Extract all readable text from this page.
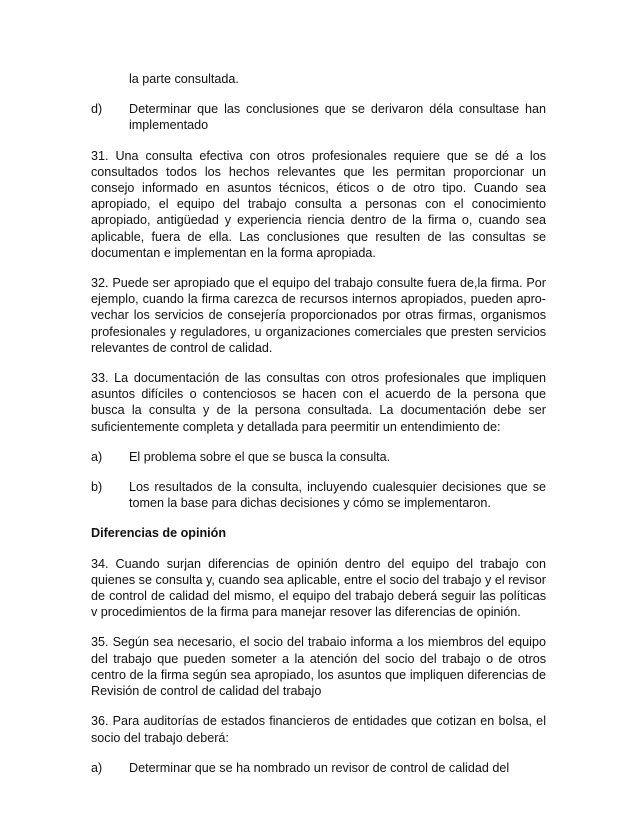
la parte consultada.
d)	Determinar que las conclusiones que se derivaron déla consultase han implementado
31. Una consulta efectiva con otros profesionales requiere que se dé a los consultados todos los hechos relevantes que les permitan proporcionar un consejo informado en asuntos técnicos, éticos o de otro tipo. Cuando sea apropiado, el equipo del trabajo consulta a personas con el conocimiento apropiado, antigüedad y experiencia riencia dentro de la firma o, cuando sea aplicable, fuera de ella. Las conclusiones que resulten de las consultas se documentan e implementan en la forma apropiada.
32. Puede ser apropiado que el equipo del trabajo consulte fuera de,la firma. Por ejemplo, cuando la firma carezca de recursos internos apropiados, pueden apro- vechar los servicios de consejería proporcionados por otras firmas, organismos profesionales y reguladores, u organizaciones comerciales que presten servicios relevantes de control de calidad.
33. La documentación de las consultas con otros profesionales que impliquen asuntos difíciles o contenciosos se hacen con el acuerdo de la persona que busca la consulta y de la persona consultada. La documentación debe ser suficientemente completa y detallada para peermitir un entendimiento de:
a)	El problema sobre el que se busca la consulta.
b)	Los resultados de la consulta, incluyendo cualesquier decisiones que se tomen la base para dichas decisiones y cómo se implementaron.
Diferencias de opinión
34. Cuando surjan diferencias de opinión dentro del equipo del trabajo con quienes se consulta y, cuando sea aplicable, entre el socio del trabajo y el revisor de control de calidad del mismo, el equipo del trabajo deberá seguir las políticas v procedimientos de la firma para manejar resover las diferencias de opinión.
35. Según sea necesario, el socio del trabaio informa a los miembros del equipo del trabajo que pueden someter a la atención del socio del trabajo o de otros centro de la firma según sea apropiado, los asuntos que impliquen diferencias de Revisión de control de calidad del trabajo
36. Para auditorías de estados financieros de entidades que cotizan en bolsa, el socio del trabajo deberá:
a)	Determinar que se ha nombrado un revisor de control de calidad del
